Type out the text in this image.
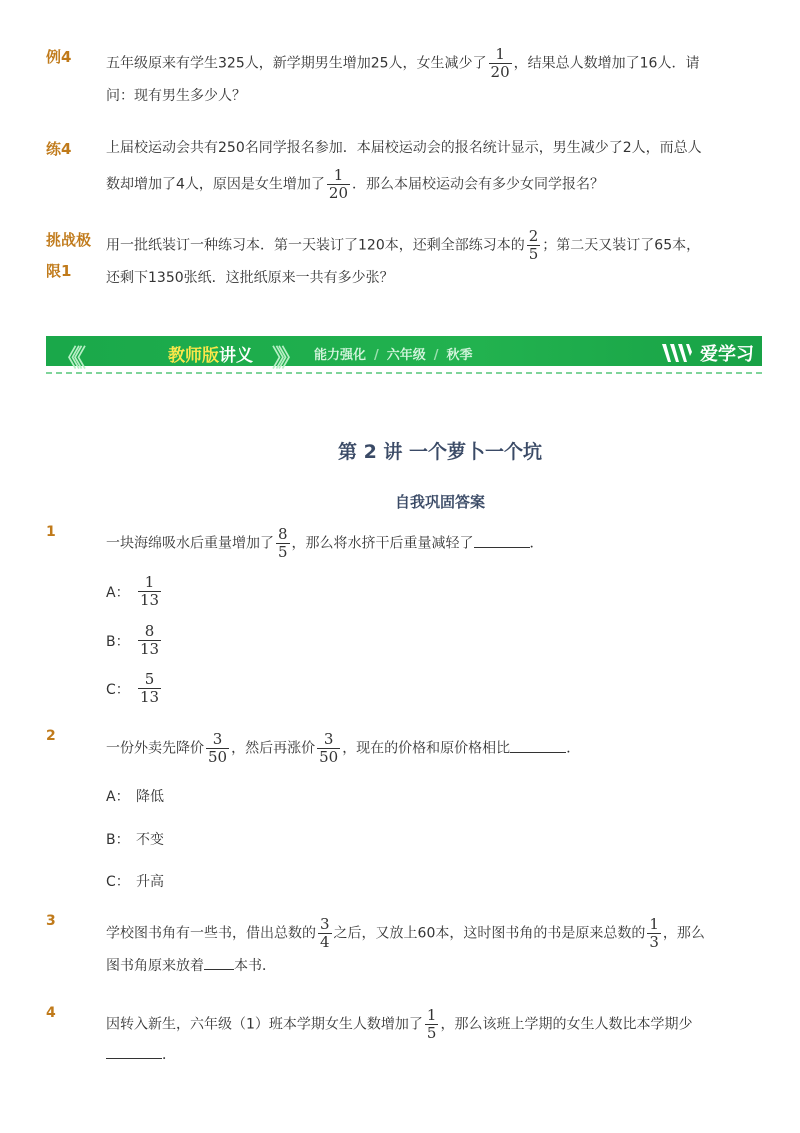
例4 五年级原来有学生325人，新学期男生增加25人，女生减少了 $\frac{1}{20}$ ，结果总人数增加了16人．请
问：现有男生多少人？
练4 上届校运动会共有250名同学报名参加．本届校运动会的报名统计显示，男生减少了2人，而总人
数却增加了4人，原因是女生增加了 $\frac{1}{20}$ ．那么本届校运动会有多少女同学报名？
挑战极
限1
用一批纸装订一种练习本．第一天装订了120本，还剩全部练习本的 $\frac{2}{5}$ ；第二天又装订了65本，
还剩下1350张纸．这批纸原来一共有多少张？
《《	教师版讲义 》》 能力强化 / 六年级 / 秋季	爱学习
第 2 讲 一个萝卜一个坑
自我巩固答案
1
一块海绵吸水后重量增加了 $\frac{8}{5}$ ，那么将水挤干后重量减轻了	．
A： $\frac{1}{13}$
B： $\frac{8}{13}$
C： $\frac{5}{13}$
2
一份外卖先降价 $\frac{3}{50}$ ，然后再涨价 $\frac{3}{50}$ ，现在的价格和原价格相比	．
A： 降低
B： 不变
C： 升高
3
学校图书角有一些书，借出总数的 $\frac{3}{4}$ 之后，又放上60本，这时图书角的书是原来总数的 $\frac{1}{3}$ ，那么
图书角原来放着 本书．
4
因转入新生，六年级（1）班本学期女生人数增加了 $\frac{1}{5}$ ，那么该班上学期的女生人数比本学期少
．
